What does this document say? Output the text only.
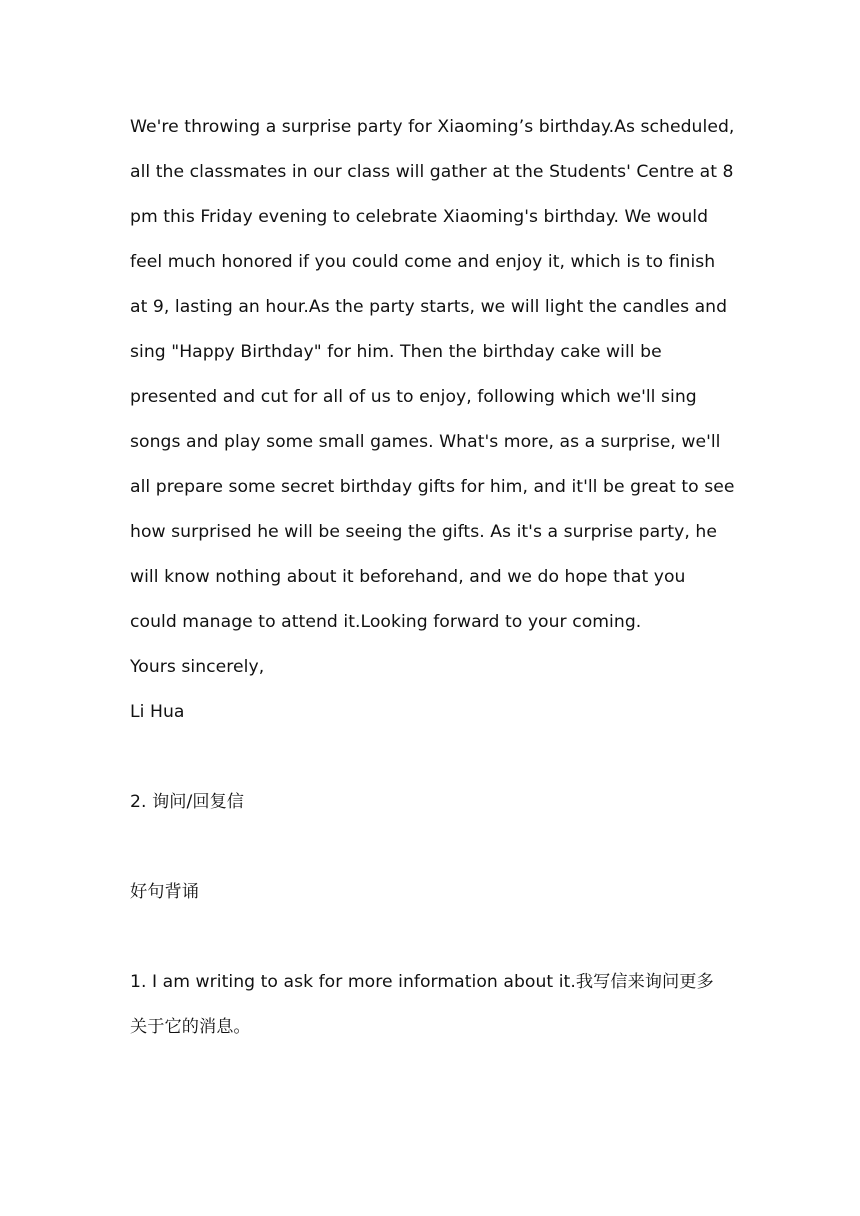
We're throwing a surprise party for Xiaoming’s birthday.As scheduled,
all the classmates in our class will gather at the Students' Centre at 8
pm this Friday evening to celebrate Xiaoming's birthday. We would
feel much honored if you could come and enjoy it, which is to finish
at 9, lasting an hour.As the party starts, we will light the candles and
sing "Happy Birthday" for him. Then the birthday cake will be
presented and cut for all of us to enjoy, following which we'll sing
songs and play some small games. What's more, as a surprise, we'll
all prepare some secret birthday gifts for him, and it'll be great to see
how surprised he will be seeing the gifts. As it's a surprise party, he
will know nothing about it beforehand, and we do hope that you
could manage to attend it.Looking forward to your coming.
Yours sincerely,
Li Hua
2. 询问/回复信
好句背诵
1. I am writing to ask for more information about it.我写信来询问更多
关于它的消息。
